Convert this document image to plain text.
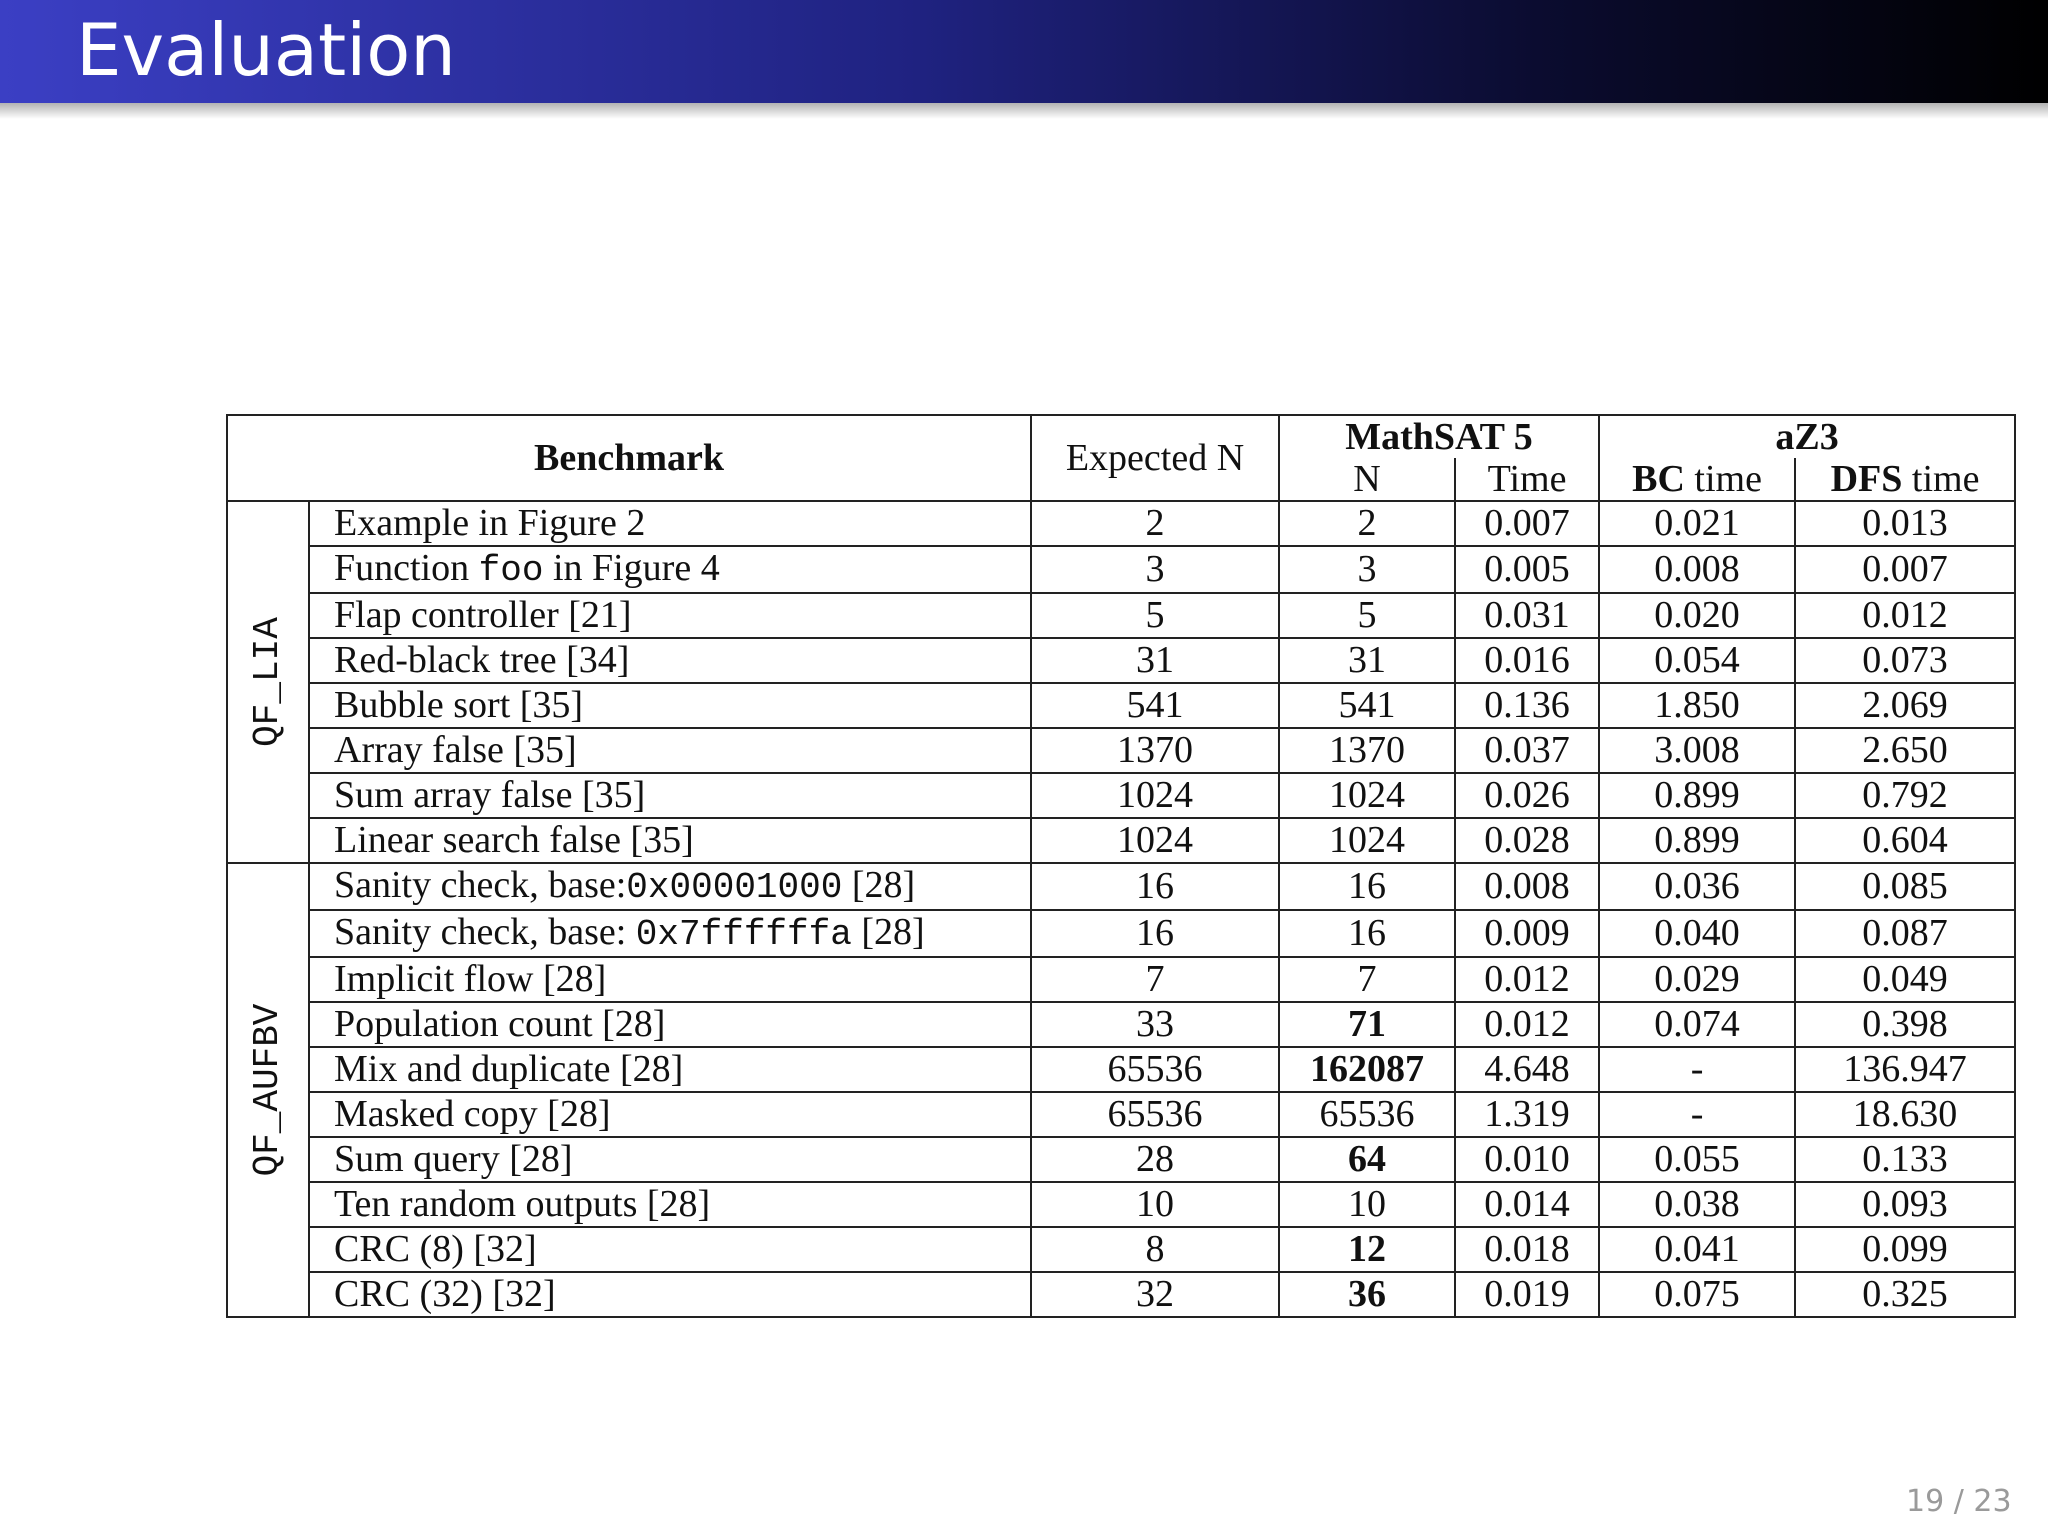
Evaluation
Benchmark		Expected N	MathSAT 5		aZ3	
			N	Time	BC time	DFS time

QF_LIA	Example in Figure 2	2	2	0.007	0.021	0.013
	Function foo in Figure 4	3	3	0.005	0.008	0.007
	Flap controller [21]	5	5	0.031	0.020	0.012
	Red-black tree [34]	31	31	0.016	0.054	0.073
	Bubble sort [35]	541	541	0.136	1.850	2.069
	Array false [35]	1370	1370	0.037	3.008	2.650
	Sum array false [35]	1024	1024	0.026	0.899	0.792
	Linear search false [35]	1024	1024	0.028	0.899	0.604

QF_AUFBV	Sanity check, base:0x00001000 [28]	16	16	0.008	0.036	0.085
	Sanity check, base: 0x7ffffffa [28]	16	16	0.009	0.040	0.087
	Implicit flow [28]	7	7	0.012	0.029	0.049
	Population count [28]	33	71	0.012	0.074	0.398
	Mix and duplicate [28]	65536	162087	4.648	-	136.947
	Masked copy [28]	65536	65536	1.319	-	18.630
	Sum query [28]	28	64	0.010	0.055	0.133
	Ten random outputs [28]	10	10	0.014	0.038	0.093
	CRC (8) [32]	8	12	0.018	0.041	0.099
	CRC (32) [32]	32	36	0.019	0.075	0.325
19 / 23
